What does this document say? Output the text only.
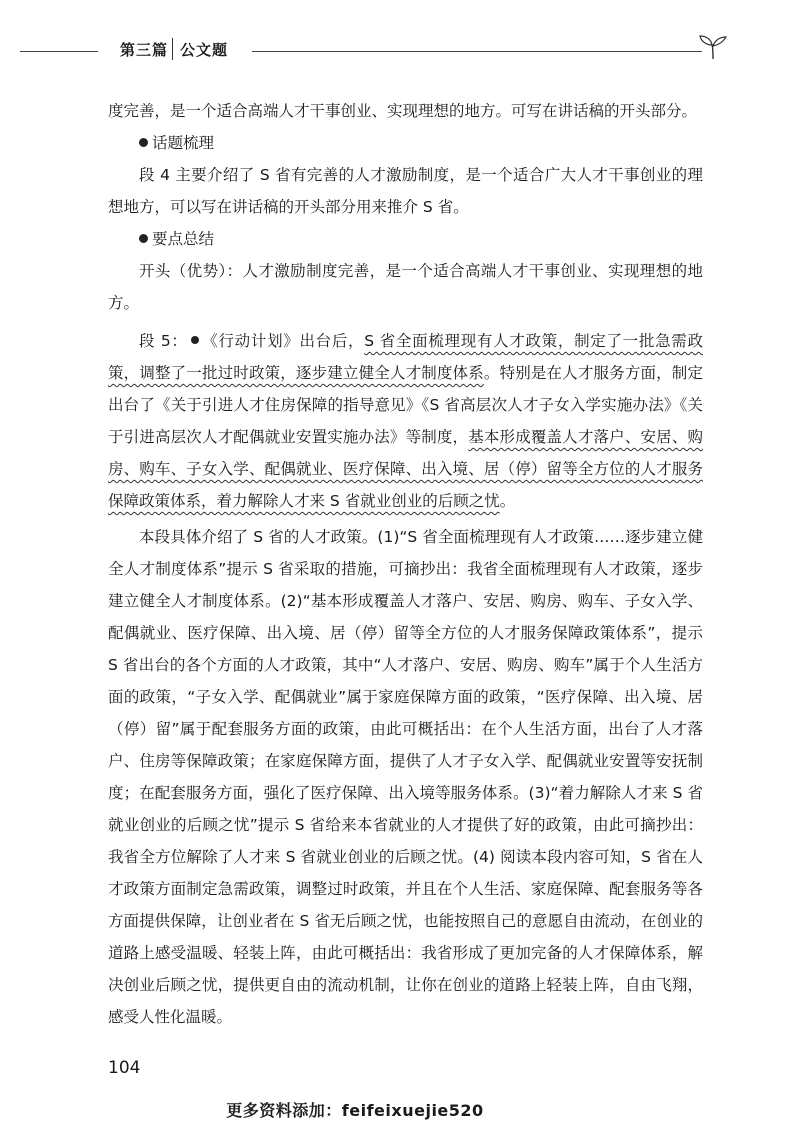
第三篇 公文题

度完善，是一个适合高端人才干事创业、实现理想的地方。可写在讲话稿的开头部分。

话题梳理

段 4 主要介绍了 S 省有完善的人才激励制度，是一个适合广大人才干事创业的理想地方，可以写在讲话稿的开头部分用来推介 S 省。

要点总结

开头（优势）：人才激励制度完善，是一个适合高端人才干事创业、实现理想的地方。

段 5： 《行动计划》出台后，S 省全面梳理现有人才政策，制定了一批急需政策，调整了一批过时政策，逐步建立健全人才制度体系。特别是在人才服务方面，制定出台了《关于引进人才住房保障的指导意见》《S 省高层次人才子女入学实施办法》《关于引进高层次人才配偶就业安置实施办法》等制度，基本形成覆盖人才落户、安居、购房、购车、子女入学、配偶就业、医疗保障、出入境、居（停）留等全方位的人才服务保障政策体系，着力解除人才来 S 省就业创业的后顾之忧。

本段具体介绍了 S 省的人才政策。(1)“S 省全面梳理现有人才政策……逐步建立健全人才制度体系”提示 S 省采取的措施，可摘抄出：我省全面梳理现有人才政策，逐步建立健全人才制度体系。(2)“基本形成覆盖人才落户、安居、购房、购车、子女入学、配偶就业、医疗保障、出入境、居（停）留等全方位的人才服务保障政策体系”，提示 S 省出台的各个方面的人才政策，其中“人才落户、安居、购房、购车”属于个人生活方面的政策，“子女入学、配偶就业”属于家庭保障方面的政策，“医疗保障、出入境、居（停）留”属于配套服务方面的政策，由此可概括出：在个人生活方面，出台了人才落户、住房等保障政策；在家庭保障方面，提供了人才子女入学、配偶就业安置等安抚制度；在配套服务方面，强化了医疗保障、出入境等服务体系。(3)“着力解除人才来 S 省就业创业的后顾之忧”提示 S 省给来本省就业的人才提供了好的政策，由此可摘抄出：我省全方位解除了人才来 S 省就业创业的后顾之忧。(4) 阅读本段内容可知，S 省在人才政策方面制定急需政策，调整过时政策，并且在个人生活、家庭保障、配套服务等各方面提供保障，让创业者在 S 省无后顾之忧，也能按照自己的意愿自由流动，在创业的道路上感受温暖、轻装上阵，由此可概括出：我省形成了更加完备的人才保障体系，解决创业后顾之忧，提供更自由的流动机制，让你在创业的道路上轻装上阵，自由飞翔，感受人性化温暖。

104
更多资料添加：feifeixuejie520
